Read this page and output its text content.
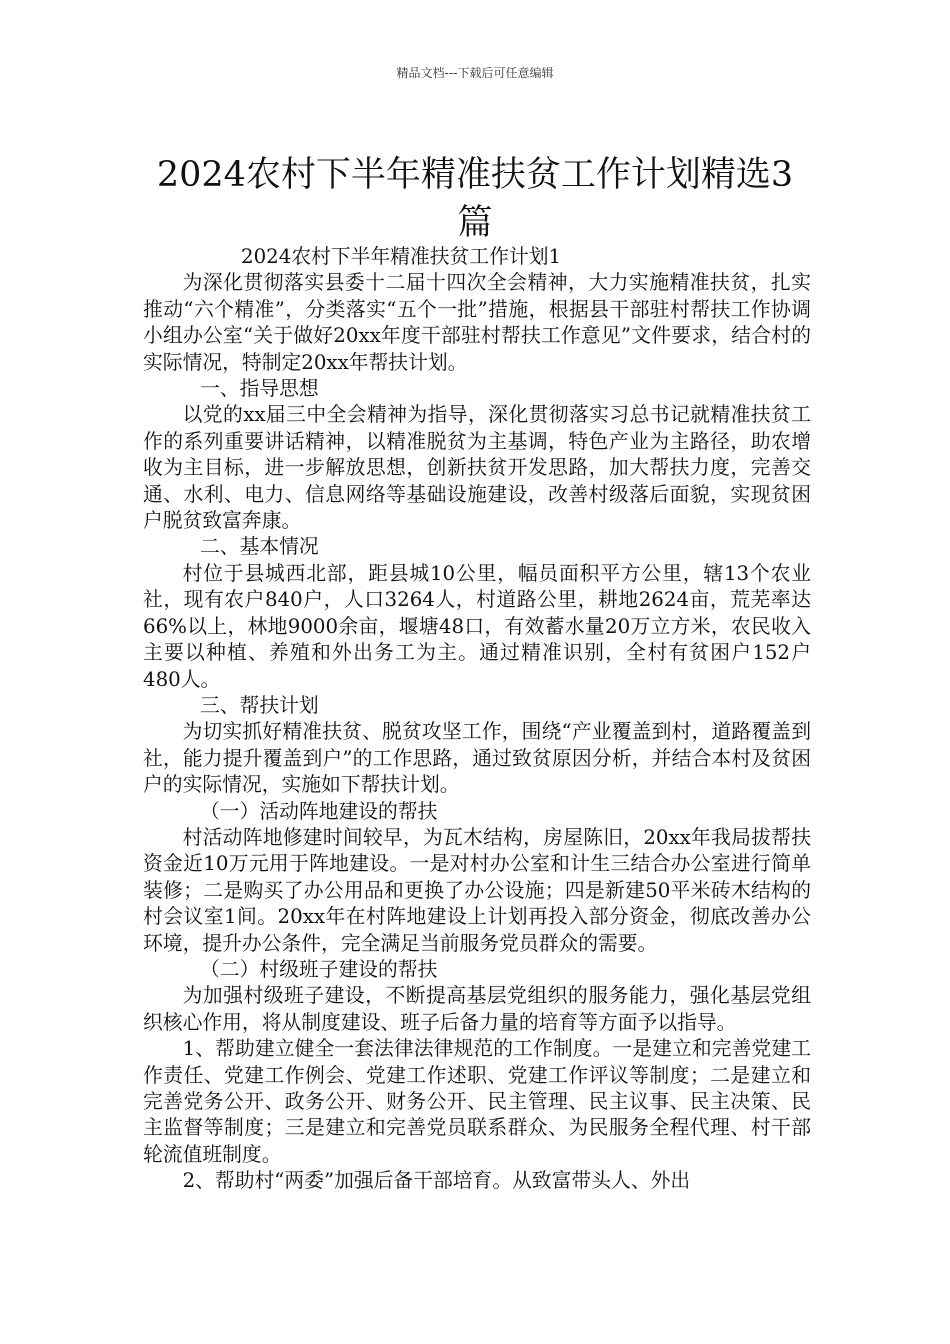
精品文档---下载后可任意编辑
2024农村下半年精准扶贫工作计划精选3篇

2024农村下半年精准扶贫工作计划1

为深化贯彻落实县委十二届十四次全会精神，大力实施精准扶贫，扎实推动“六个精准”，分类落实“五个一批”措施，根据县干部驻村帮扶工作协调小组办公室“关于做好20xx年度干部驻村帮扶工作意见”文件要求，结合村的实际情况，特制定20xx年帮扶计划。

一、指导思想

以党的xx届三中全会精神为指导，深化贯彻落实习总书记就精准扶贫工作的系列重要讲话精神，以精准脱贫为主基调，特色产业为主路径，助农增收为主目标，进一步解放思想，创新扶贫开发思路，加大帮扶力度，完善交通、水利、电力、信息网络等基础设施建设，改善村级落后面貌，实现贫困户脱贫致富奔康。

二、基本情况

村位于县城西北部，距县城10公里，幅员面积平方公里，辖13个农业社，现有农户840户，人口3264人，村道路公里，耕地2624亩，荒芜率达66%以上，林地9000余亩，堰塘48口，有效蓄水量20万立方米，农民收入主要以种植、养殖和外出务工为主。通过精准识别，全村有贫困户152户480人。

三、帮扶计划

为切实抓好精准扶贫、脱贫攻坚工作，围绕“产业覆盖到村，道路覆盖到社，能力提升覆盖到户”的工作思路，通过致贫原因分析，并结合本村及贫困户的实际情况，实施如下帮扶计划。

（一）活动阵地建设的帮扶

村活动阵地修建时间较早，为瓦木结构，房屋陈旧，20xx年我局拔帮扶资金近10万元用于阵地建设。一是对村办公室和计生三结合办公室进行简单装修；二是购买了办公用品和更换了办公设施；四是新建50平米砖木结构的村会议室1间。20xx年在村阵地建设上计划再投入部分资金，彻底改善办公环境，提升办公条件，完全满足当前服务党员群众的需要。

（二）村级班子建设的帮扶

为加强村级班子建设，不断提高基层党组织的服务能力，强化基层党组织核心作用，将从制度建设、班子后备力量的培育等方面予以指导。

1、帮助建立健全一套法律法律规范的工作制度。一是建立和完善党建工作责任、党建工作例会、党建工作述职、党建工作评议等制度；二是建立和完善党务公开、政务公开、财务公开、民主管理、民主议事、民主决策、民主监督等制度；三是建立和完善党员联系群众、为民服务全程代理、村干部轮流值班制度。

2、帮助村“两委”加强后备干部培育。从致富带头人、外出
